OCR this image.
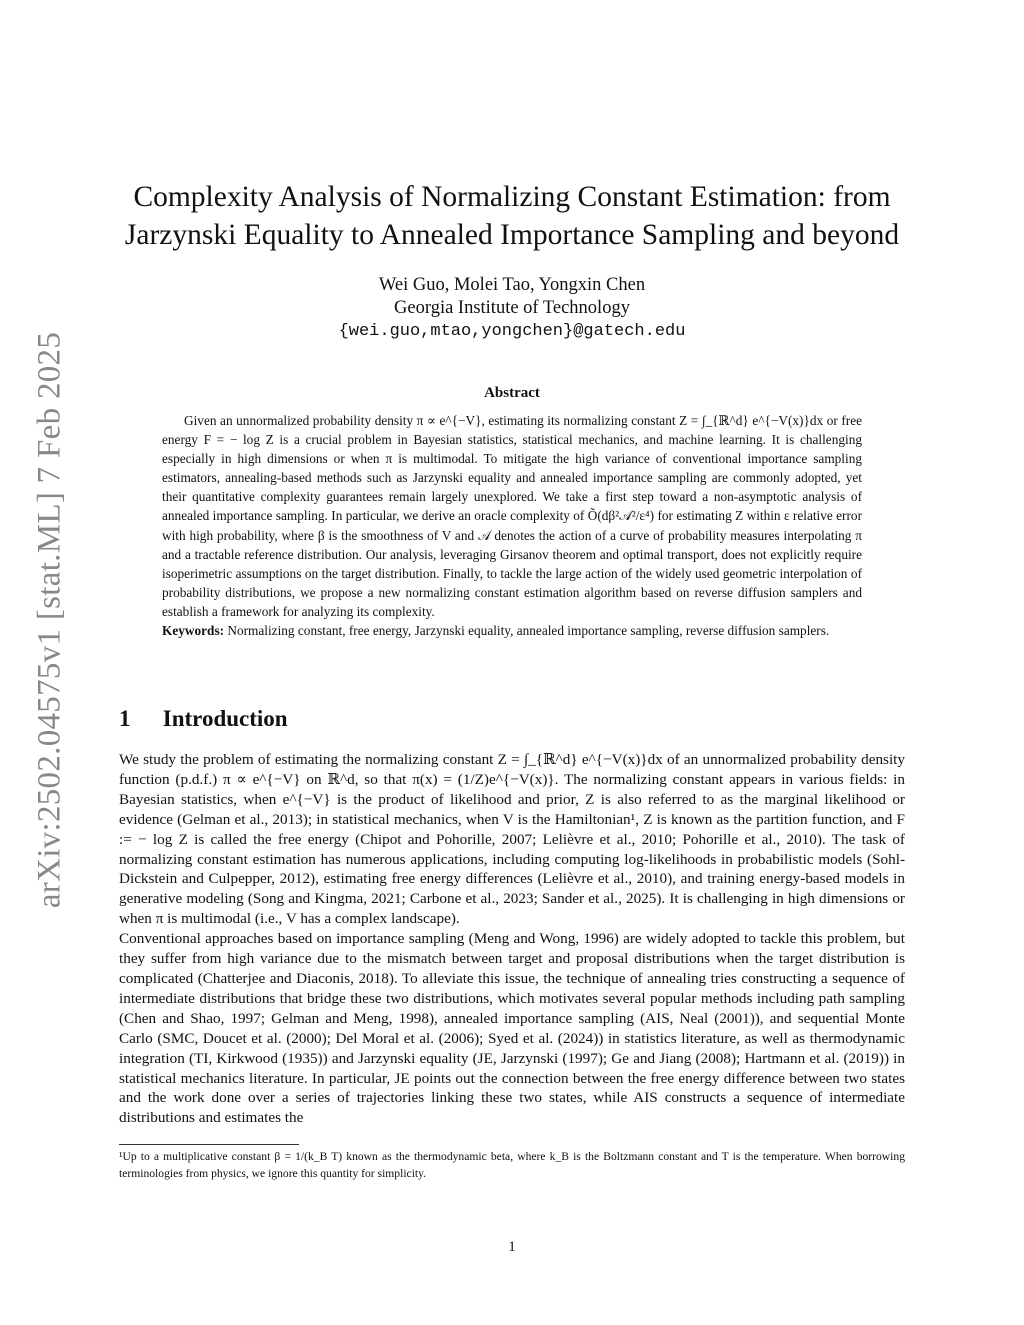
arXiv:2502.04575v1 [stat.ML] 7 Feb 2025
Complexity Analysis of Normalizing Constant Estimation: from
Jarzynski Equality to Annealed Importance Sampling and beyond
Wei Guo, Molei Tao, Yongxin Chen
Georgia Institute of Technology
{wei.guo,mtao,yongchen}@gatech.edu
Abstract

Given an unnormalized probability density π ∝ e^{−V}, estimating its normalizing constant Z = ∫_{ℝ^d} e^{−V(x)}dx or free energy F = − log Z is a crucial problem in Bayesian statistics, statistical mechanics, and machine learning. It is challenging especially in high dimensions or when π is multimodal. To mitigate the high variance of conventional importance sampling estimators, annealing-based methods such as Jarzynski equality and annealed importance sampling are commonly adopted, yet their quantitative complexity guarantees remain largely unexplored. We take a first step toward a non-asymptotic analysis of annealed importance sampling. In particular, we derive an oracle complexity of Õ(dβ²𝒜²/ε⁴) for estimating Z within ε relative error with high probability, where β is the smoothness of V and 𝒜 denotes the action of a curve of probability measures interpolating π and a tractable reference distribution. Our analysis, leveraging Girsanov theorem and optimal transport, does not explicitly require isoperimetric assumptions on the target distribution. Finally, to tackle the large action of the widely used geometric interpolation of probability distributions, we propose a new normalizing constant estimation algorithm based on reverse diffusion samplers and establish a framework for analyzing its complexity.

Keywords: Normalizing constant, free energy, Jarzynski equality, annealed importance sampling, reverse diffusion samplers.

1 Introduction

We study the problem of estimating the normalizing constant Z = ∫_{ℝ^d} e^{−V(x)}dx of an unnormalized probability density function (p.d.f.) π ∝ e^{−V} on ℝ^d, so that π(x) = (1/Z)e^{−V(x)}. The normalizing constant appears in various fields: in Bayesian statistics, when e^{−V} is the product of likelihood and prior, Z is also referred to as the marginal likelihood or evidence (Gelman et al., 2013); in statistical mechanics, when V is the Hamiltonian¹, Z is known as the partition function, and F := − log Z is called the free energy (Chipot and Pohorille, 2007; Lelièvre et al., 2010; Pohorille et al., 2010). The task of normalizing constant estimation has numerous applications, including computing log-likelihoods in probabilistic models (Sohl-Dickstein and Culpepper, 2012), estimating free energy differences (Lelièvre et al., 2010), and training energy-based models in generative modeling (Song and Kingma, 2021; Carbone et al., 2023; Sander et al., 2025). It is challenging in high dimensions or when π is multimodal (i.e., V has a complex landscape).

Conventional approaches based on importance sampling (Meng and Wong, 1996) are widely adopted to tackle this problem, but they suffer from high variance due to the mismatch between target and proposal distributions when the target distribution is complicated (Chatterjee and Diaconis, 2018). To alleviate this issue, the technique of annealing tries constructing a sequence of intermediate distributions that bridge these two distributions, which motivates several popular methods including path sampling (Chen and Shao, 1997; Gelman and Meng, 1998), annealed importance sampling (AIS, Neal (2001)), and sequential Monte Carlo (SMC, Doucet et al. (2000); Del Moral et al. (2006); Syed et al. (2024)) in statistics literature, as well as thermodynamic integration (TI, Kirkwood (1935)) and Jarzynski equality (JE, Jarzynski (1997); Ge and Jiang (2008); Hartmann et al. (2019)) in statistical mechanics literature. In particular, JE points out the connection between the free energy difference between two states and the work done over a series of trajectories linking these two states, while AIS constructs a sequence of intermediate distributions and estimates the

¹Up to a multiplicative constant β = 1/(k_B T) known as the thermodynamic beta, where k_B is the Boltzmann constant and T is the temperature. When borrowing terminologies from physics, we ignore this quantity for simplicity.
1
